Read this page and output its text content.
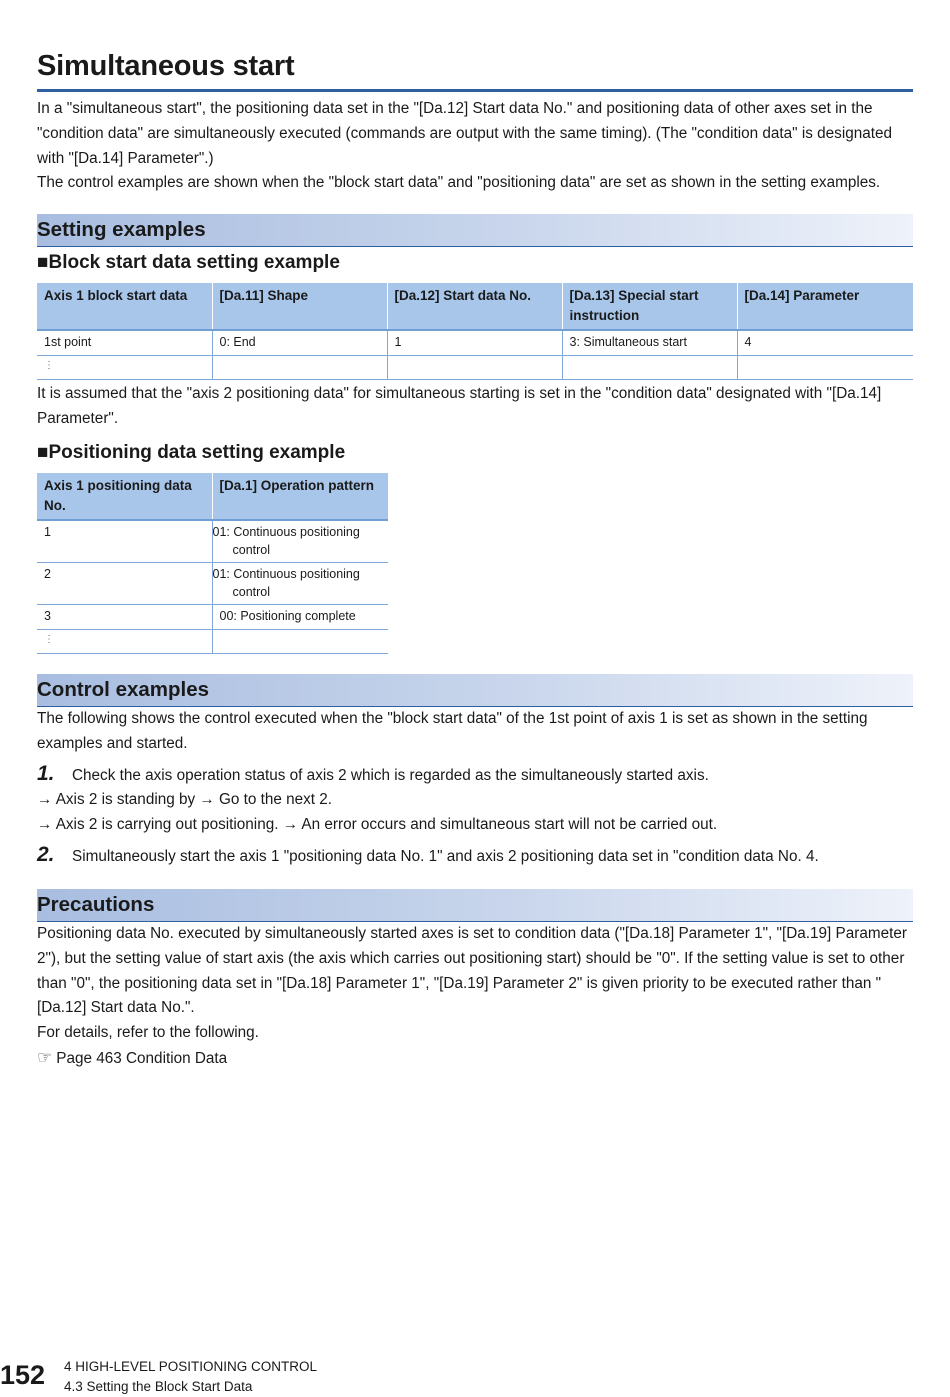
Simultaneous start

In a "simultaneous start", the positioning data set in the "[Da.12] Start data No." and positioning data of other axes set in the "condition data" are simultaneously executed (commands are output with the same timing). (The "condition data" is designated with "[Da.14] Parameter".)

The control examples are shown when the "block start data" and "positioning data" are set as shown in the setting examples.

Setting examples
■Block start data setting example
Axis 1 block start data	[Da.11] Shape	[Da.12] Start data No.	[Da.13] Special start instruction	[Da.14] Parameter
1st point	0: End	1	3: Simultaneous start	4
⋮				

It is assumed that the "axis 2 positioning data" for simultaneous starting is set in the "condition data" designated with "[Da.14] Parameter".

■Positioning data setting example
Axis 1 positioning data No.	[Da.1] Operation pattern
1	01: Continuous positioning control
2	01: Continuous positioning control
3	00: Positioning complete
⋮	
Control examples

The following shows the control executed when the "block start data" of the 1st point of axis 1 is set as shown in the setting examples and started.

1. Check the axis operation status of axis 2 which is regarded as the simultaneously started axis.
→ Axis 2 is standing by → Go to the next 2.
→ Axis 2 is carrying out positioning. → An error occurs and simultaneous start will not be carried out.
2. Simultaneously start the axis 1 "positioning data No. 1" and axis 2 positioning data set in "condition data No. 4.
Precautions

Positioning data No. executed by simultaneously started axes is set to condition data ("[Da.18] Parameter 1", "[Da.19] Parameter 2"), but the setting value of start axis (the axis which carries out positioning start) should be "0". If the setting value is set to other than "0", the positioning data set in "[Da.18] Parameter 1", "[Da.19] Parameter 2" is given priority to be executed rather than "[Da.12] Start data No.".

For details, refer to the following.

☞ Page 463 Condition Data

152 4 HIGH-LEVEL POSITIONING CONTROL
4.3 Setting the Block Start Data
